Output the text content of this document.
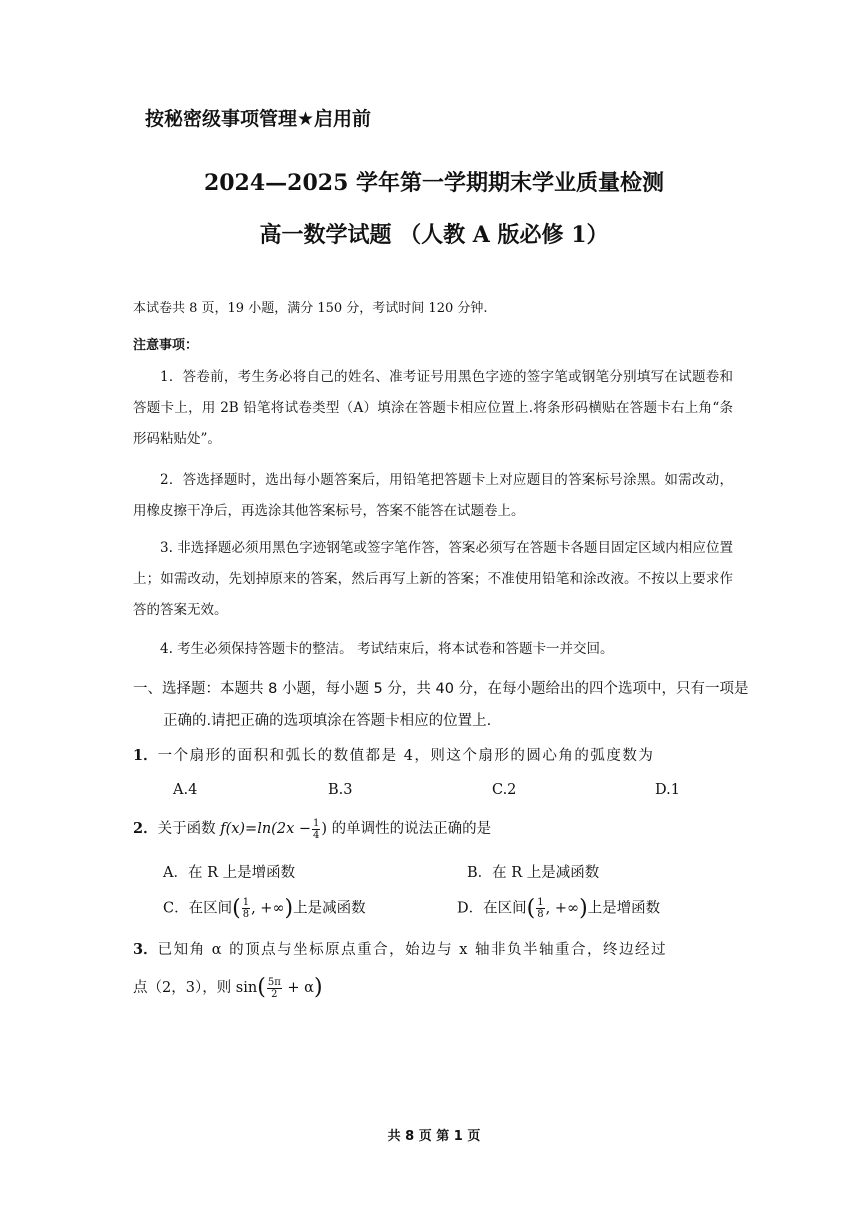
按秘密级事项管理★启用前
2024—2025 学年第一学期期末学业质量检测
高一数学试题 （人教 A 版必修 1）
本试卷共 8 页，19 小题，满分 150 分，考试时间 120 分钟.
注意事项：
1．答卷前，考生务必将自己的姓名、准考证号用黑色字迹的签字笔或钢笔分别填写在试题卷和答题卡上，用 2B 铅笔将试卷类型（A）填涂在答题卡相应位置上.将条形码横贴在答题卡右上角“条形码粘贴处”。
2．答选择题时，选出每小题答案后，用铅笔把答题卡上对应题目的答案标号涂黑。如需改动，用橡皮擦干净后，再选涂其他答案标号，答案不能答在试题卷上。
3. 非选择题必须用黑色字迹钢笔或签字笔作答，答案必须写在答题卡各题目固定区域内相应位置上；如需改动，先划掉原来的答案，然后再写上新的答案；不准使用铅笔和涂改液。不按以上要求作答的答案无效。
4. 考生必须保持答题卡的整洁。 考试结束后，将本试卷和答题卡一并交回。
一、选择题：本题共 8 小题，每小题 5 分，共 40 分，在每小题给出的四个选项中，只有一项是正确的.请把正确的选项填涂在答题卡相应的位置上.
1．一个扇形的面积和弧长的数值都是 4，则这个扇形的圆心角的弧度数为
A.4	B.3	C.2	D.1
2．关于函数 $f(x)=\ln(2x - \frac{1}{4}$ ) 的单调性的说法正确的是
A．在 R 上是增函数	B．在 R 上是减函数
C．在区间( $\frac{1}{8}$ , +∞)上是减函数	D．在区间( $\frac{1}{8}$ , +∞)上是增函数
3．已知角 α 的顶点与坐标原点重合，始边与 x 轴非负半轴重合，终边经过
点（2，3），则 $\sin( \frac{5\pi}{2} + \alpha)$
共 8 页 第 1 页
